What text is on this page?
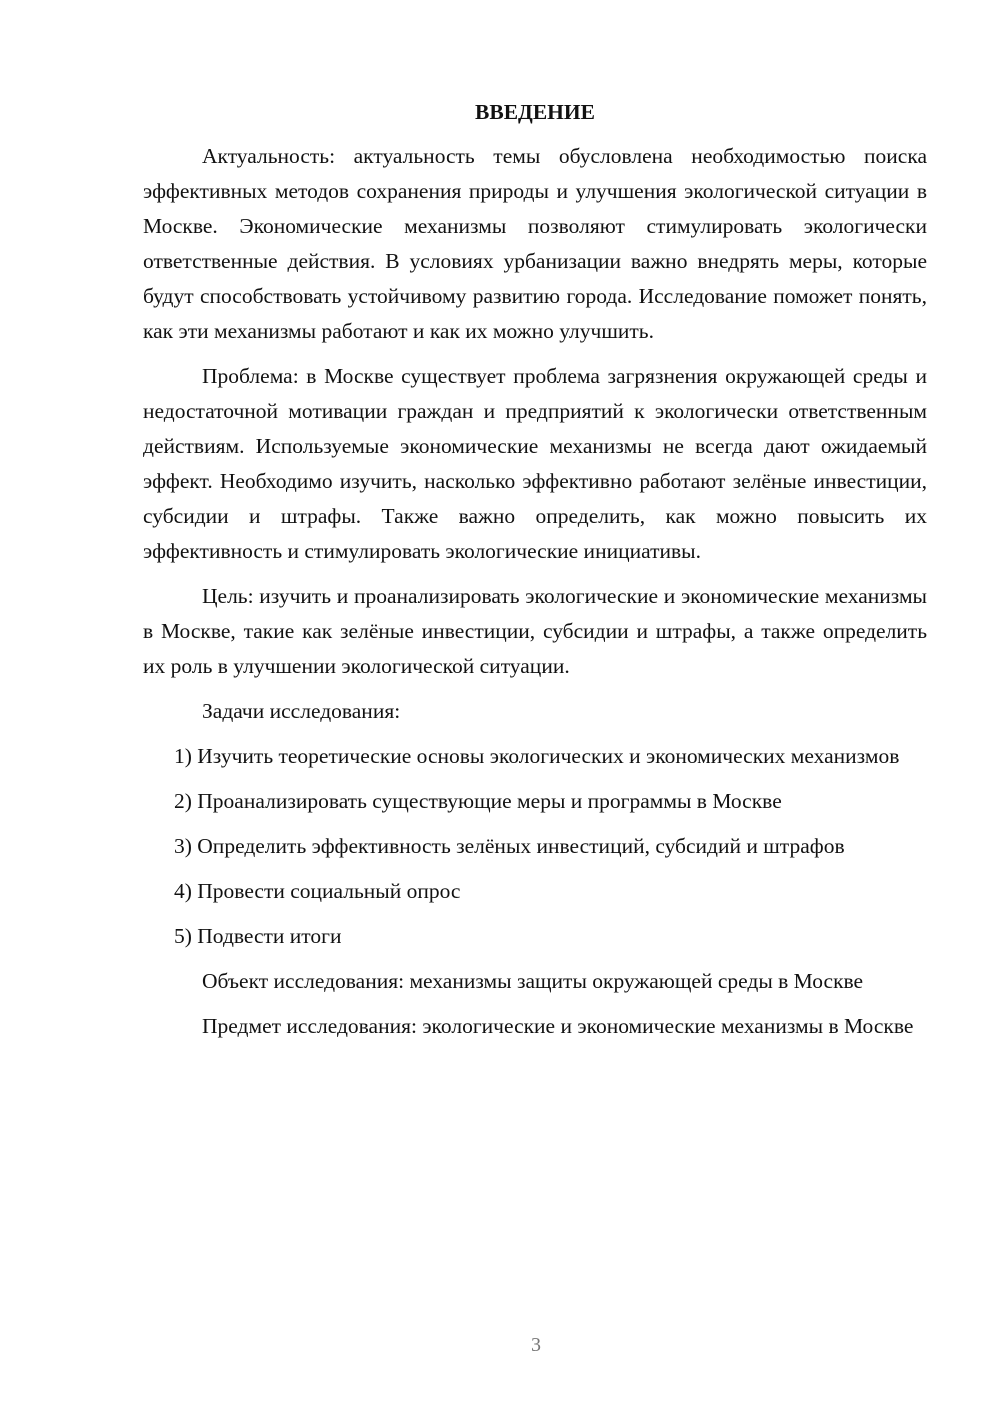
ВВЕДЕНИЕ

Актуальность: актуальность темы обусловлена необходимостью поиска эффективных методов сохранения природы и улучшения экологической ситуации в Москве. Экономические механизмы позволяют стимулировать экологически ответственные действия. В условиях урбанизации важно внедрять меры, которые будут способствовать устойчивому развитию города. Исследование поможет понять, как эти механизмы работают и как их можно улучшить.

Проблема: в Москве существует проблема загрязнения окружающей среды и недостаточной мотивации граждан и предприятий к экологически ответственным действиям. Используемые экономические механизмы не всегда дают ожидаемый эффект. Необходимо изучить, насколько эффективно работают зелёные инвестиции, субсидии и штрафы. Также важно определить, как можно повысить их эффективность и стимулировать экологические инициативы.

Цель: изучить и проанализировать экологические и экономические механизмы в Москве, такие как зелёные инвестиции, субсидии и штрафы, а также определить их роль в улучшении экологической ситуации.

Задачи исследования:

1) Изучить теоретические основы экологических и экономических механизмов

2) Проанализировать существующие меры и программы в Москве

3) Определить эффективность зелёных инвестиций, субсидий и штрафов

4) Провести социальный опрос

5) Подвести итоги

Объект исследования: механизмы защиты окружающей среды в Москве

Предмет исследования: экологические и экономические механизмы в Москве

3
